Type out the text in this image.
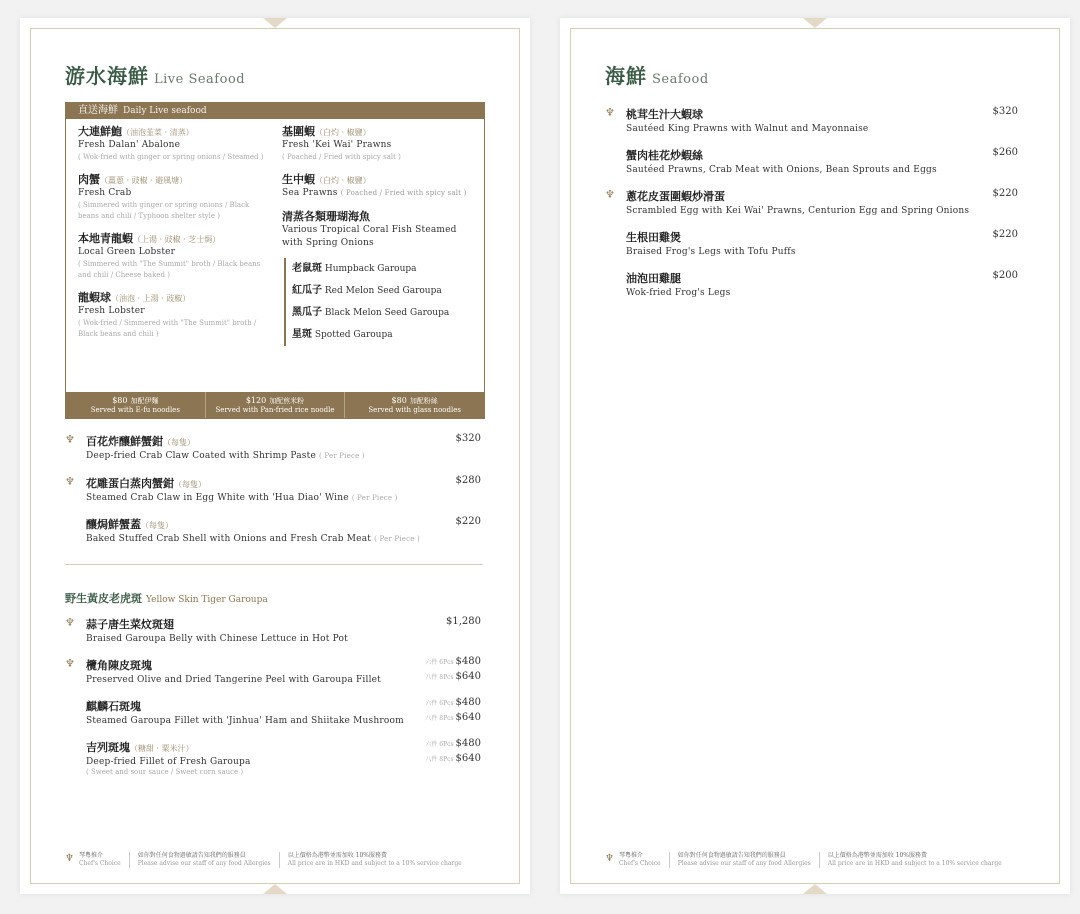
游水海鮮 Live Seafood
直送海鮮 Daily Live seafood
大連鮮鮑（油泡韮菜 · 清蒸）
Fresh Dalan' Abalone
( Wok-fried with ginger or spring onions / Steamed )
肉蟹（薑蔥 · 豉椒 · 避風塘）
Fresh Crab
( Simmered with ginger or spring onions / Black beans and chili / Typhoon shelter style )
本地青龍蝦（上湯 · 豉椒 · 芝士焗）
Local Green Lobster
( Simmered with "The Summit" broth / Black beans and chili / Cheese baked )
龍蝦球（油泡 · 上湯 · 豉椒）
Fresh Lobster
( Wok-fried / Simmered with "The Summit" broth / Black beans and chili )
基圍蝦（白灼 · 椒鹽）
Fresh 'Kei Wai' Prawns
( Poached / Fried with spicy salt )
生中蝦（白灼 · 椒鹽）
Sea Prawns ( Poached / Fried with spicy salt )
清蒸各類珊瑚海魚
Various Tropical Coral Fish Steamed with Spring Onions
老鼠斑 Humpback Garoupa
紅瓜子 Red Melon Seed Garoupa
黑瓜子 Black Melon Seed Garoupa
星斑 Spotted Garoupa
$80 加配伊麵
Served with E-fu noodles
$120 加配煎米粉
Served with Pan-fried rice noodle
$80 加配粉絲
Served with glass noodles
♆ 百花炸釀鮮蟹鉗（每隻）
Deep-fried Crab Claw Coated with Shrimp Paste ( Per Piece )
$320
♆ 花雕蛋白蒸肉蟹鉗（每隻）
Steamed Crab Claw in Egg White with 'Hua Diao' Wine ( Per Piece )
$280
釀焗鮮蟹蓋（每隻）
Baked Stuffed Crab Shell with Onions and Fresh Crab Meat ( Per Piece )
$220
野生黃皮老虎斑 Yellow Skin Tiger Garoupa
♆ 蒜子唐生菜炆斑翅
Braised Garoupa Belly with Chinese Lettuce in Hot Pot
$1,280
♆ 欖角陳皮斑塊
Preserved Olive and Dried Tangerine Peel with Garoupa Fillet
六件 6Pcs $480
八件 8Pcs $640
麒麟石斑塊
Steamed Garoupa Fillet with 'Jinhua' Ham and Shiitake Mushroom
六件 6Pcs $480
八件 8Pcs $640
吉列斑塊（糖甜 · 粟米汁）
Deep-fried Fillet of Fresh Garoupa
( Sweet and sour sauce / Sweet corn sauce )
六件 6Pcs $480
八件 8Pcs $640
♆ 琴粵推介
Chef's Choice
如你對任何食物過敏請告知我們的服務員
Please advise our staff of any food Allergies
以上價格為港幣並需加收 10%服務費
All price are in HKD and subject to a 10% service charge
海鮮 Seafood
♆ 桃茸生汁大蝦球
Sautéed King Prawns with Walnut and Mayonnaise
$320
蟹肉桂花炒蝦絲
Sautéed Prawns, Crab Meat with Onions, Bean Sprouts and Eggs
$260
♆ 蔥花皮蛋圍蝦炒滑蛋
Scrambled Egg with Kei Wai' Prawns, Centurion Egg and Spring Onions
$220
生根田雞煲
Braised Frog's Legs with Tofu Puffs
$220
油泡田雞腿
Wok-fried Frog's Legs
$200
♆ 琴粵推介
Chef's Choice
如你對任何食物過敏請告知我們的服務員
Please advise our staff of any food Allergies
以上價格為港幣並需加收 10%服務費
All price are in HKD and subject to a 10% service charge
